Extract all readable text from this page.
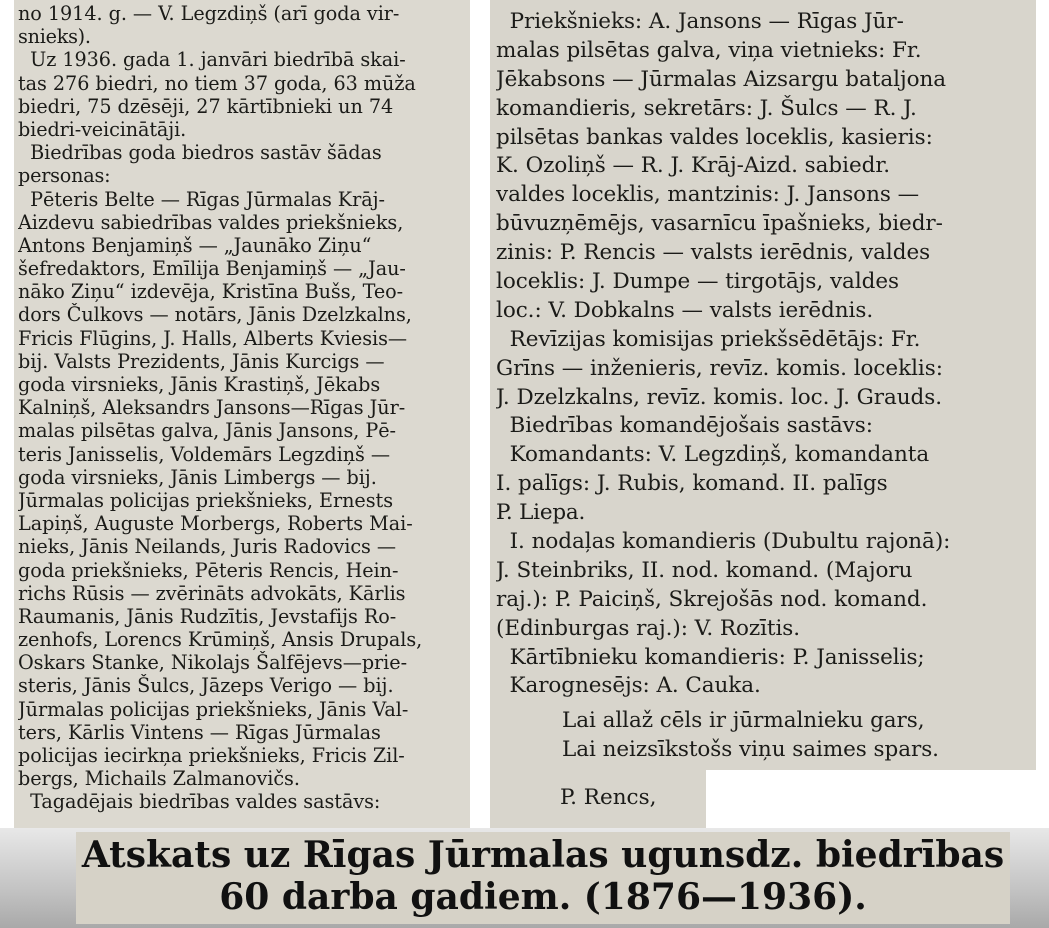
no 1914. g. — V. Legzdiņš (arī goda vir-
snieks).
Uz 1936. gada 1. janvāri biedrībā skai-
tas 276 biedri, no tiem 37 goda, 63 mūža
biedri, 75 dzēsēji, 27 kārtībnieki un 74
biedri-veicinātāji.
Biedrības goda biedros sastāv šādas
personas:
Pēteris Belte — Rīgas Jūrmalas Krāj-
Aizdevu sabiedrības valdes priekšnieks,
Antons Benjamiņš — „Jaunāko Ziņu“
šefredaktors, Emīlija Benjamiņš — „Jau-
nāko Ziņu“ izdevēja, Kristīna Bušs, Teo-
dors Čulkovs — notārs, Jānis Dzelzkalns,
Fricis Flūgins, J. Halls, Alberts Kviesis—
bij. Valsts Prezidents, Jānis Kurcigs —
goda virsnieks, Jānis Krastiņš, Jēkabs
Kalniņš, Aleksandrs Jansons—Rīgas Jūr-
malas pilsētas galva, Jānis Jansons, Pē-
teris Janisselis, Voldemārs Legzdiņš —
goda virsnieks, Jānis Limbergs — bij.
Jūrmalas policijas priekšnieks, Ernests
Lapiņš, Auguste Morbergs, Roberts Mai-
nieks, Jānis Neilands, Juris Radovics —
goda priekšnieks, Pēteris Rencis, Hein-
richs Rūsis — zvērināts advokāts, Kārlis
Raumanis, Jānis Rudzītis, Jevstafijs Ro-
zenhofs, Lorencs Krūmiņš, Ansis Drupals,
Oskars Stanke, Nikolajs Šalfējevs—prie-
steris, Jānis Šulcs, Jāzeps Verigo — bij.
Jūrmalas policijas priekšnieks, Jānis Val-
ters, Kārlis Vintens — Rīgas Jūrmalas
policijas iecirkņa priekšnieks, Fricis Zil-
bergs, Michails Zalmanovičs.
Tagadējais biedrības valdes sastāvs:
Priekšnieks: A. Jansons — Rīgas Jūr-
malas pilsētas galva, viņa vietnieks: Fr.
Jēkabsons — Jūrmalas Aizsargu bataljona
komandieris, sekretārs: J. Šulcs — R. J.
pilsētas bankas valdes loceklis, kasieris:
K. Ozoliņš — R. J. Krāj-Aizd. sabiedr.
valdes loceklis, mantzinis: J. Jansons —
būvuzņēmējs, vasarnīcu īpašnieks, biedr-
zinis: P. Rencis — valsts ierēdnis, valdes
loceklis: J. Dumpe — tirgotājs, valdes
loc.: V. Dobkalns — valsts ierēdnis.
Revīzijas komisijas priekšsēdētājs: Fr.
Grīns — inženieris, revīz. komis. loceklis:
J. Dzelzkalns, revīz. komis. loc. J. Grauds.
Biedrības komandējošais sastāvs:
Komandants: V. Legzdiņš, komandanta
I. palīgs: J. Rubis, komand. II. palīgs
P. Liepa.
I. nodaļas komandieris (Dubultu rajonā):
J. Steinbriks, II. nod. komand. (Majoru
raj.): P. Paiciņš, Skrejošās nod. komand.
(Edinburgas raj.): V. Rozītis.
Kārtībnieku komandieris: P. Janisselis;
Karognesējs: A. Cauka.
Lai allaž cēls ir jūrmalnieku gars,
Lai neizsīkstošs viņu saimes spars.
P. Rencs,
Atskats uz Rīgas Jūrmalas ugunsdz. biedrības
60 darba gadiem. (1876—1936).
